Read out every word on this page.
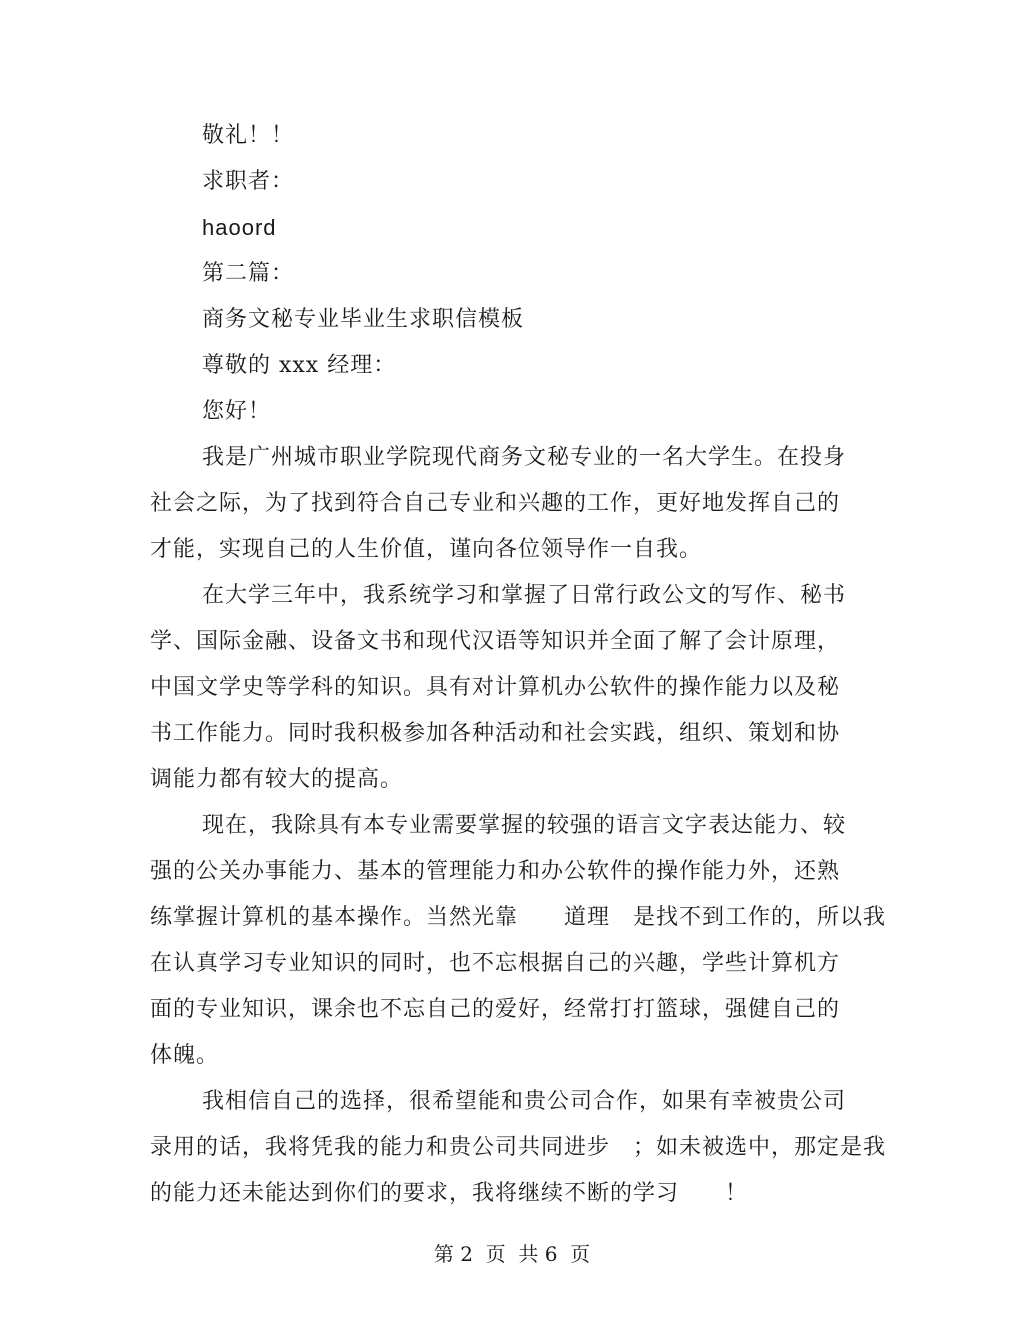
敬礼！！
求职者：
haoord
第二篇：
商务文秘专业毕业生求职信模板
尊敬的 xxx 经理：
您好！
我是广州城市职业学院现代商务文秘专业的一名大学生。在投身
社会之际，为了找到符合自己专业和兴趣的工作，更好地发挥自己的
才能，实现自己的人生价值，谨向各位领导作一自我。
在大学三年中，我系统学习和掌握了日常行政公文的写作、秘书
学、国际金融、设备文书和现代汉语等知识并全面了解了会计原理，
中国文学史等学科的知识。具有对计算机办公软件的操作能力以及秘
书工作能力。同时我积极参加各种活动和社会实践，组织、策划和协
调能力都有较大的提高。
现在，我除具有本专业需要掌握的较强的语言文字表达能力、较
强的公关办事能力、基本的管理能力和办公软件的操作能力外，还熟
练掌握计算机的基本操作。当然光靠　　道理　是找不到工作的，所以我
在认真学习专业知识的同时，也不忘根据自己的兴趣，学些计算机方
面的专业知识，课余也不忘自己的爱好，经常打打篮球，强健自己的
体魄。
我相信自己的选择，很希望能和贵公司合作，如果有幸被贵公司
录用的话，我将凭我的能力和贵公司共同进步　；如未被选中，那定是我
的能力还未能达到你们的要求，我将继续不断的学习　　！
第 2  页  共 6  页
